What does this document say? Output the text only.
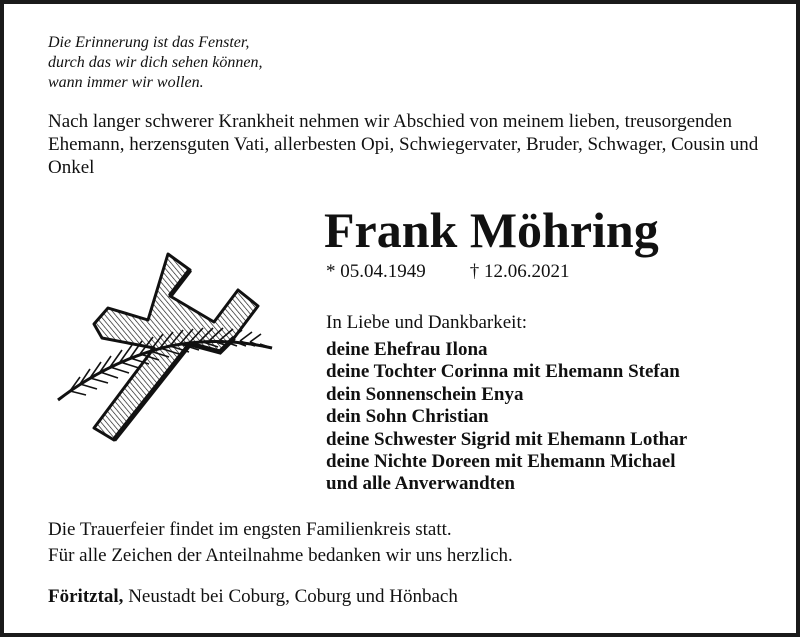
Die Erinnerung ist das Fenster,
durch das wir dich sehen können,
wann immer wir wollen.
Nach langer schwerer Krankheit nehmen wir Abschied von meinem lieben, treusorgenden Ehemann, herzensguten Vati, allerbesten Opi, Schwiegervater, Bruder, Schwager, Cousin und Onkel
Frank Möhring
* 05.04.1949 † 12.06.2021
In Liebe und Dankbarkeit:
deine Ehefrau Ilona
deine Tochter Corinna mit Ehemann Stefan
dein Sonnenschein Enya
dein Sohn Christian
deine Schwester Sigrid mit Ehemann Lothar
deine Nichte Doreen mit Ehemann Michael
und alle Anverwandten
Die Trauerfeier findet im engsten Familienkreis statt.
Für alle Zeichen der Anteilnahme bedanken wir uns herzlich.
Föritztal, Neustadt bei Coburg, Coburg und Hönbach
